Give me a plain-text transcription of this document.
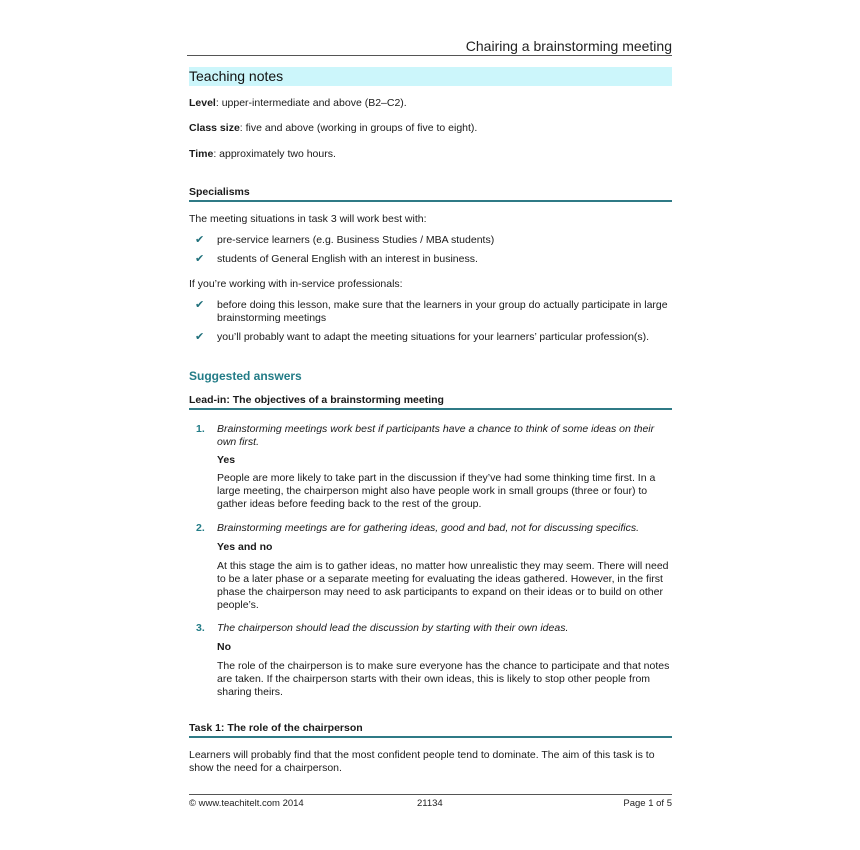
Chairing a brainstorming meeting
Teaching notes
Level: upper-intermediate and above (B2–C2).
Class size: five and above (working in groups of five to eight).
Time: approximately two hours.
Specialisms
The meeting situations in task 3 will work best with:
✔ pre-service learners (e.g. Business Studies / MBA students)
✔ students of General English with an interest in business.
If you’re working with in-service professionals:
✔ before doing this lesson, make sure that the learners in your group do actually participate in large brainstorming meetings
✔ you’ll probably want to adapt the meeting situations for your learners’ particular profession(s).
Suggested answers
Lead-in: The objectives of a brainstorming meeting
1. Brainstorming meetings work best if participants have a chance to think of some ideas on their own first.
Yes
People are more likely to take part in the discussion if they’ve had some thinking time first. In a large meeting, the chairperson might also have people work in small groups (three or four) to gather ideas before feeding back to the rest of the group.
2. Brainstorming meetings are for gathering ideas, good and bad, not for discussing specifics.
Yes and no
At this stage the aim is to gather ideas, no matter how unrealistic they may seem. There will need to be a later phase or a separate meeting for evaluating the ideas gathered. However, in the first phase the chairperson may need to ask participants to expand on their ideas or to build on other people’s.
3. The chairperson should lead the discussion by starting with their own ideas.
No
The role of the chairperson is to make sure everyone has the chance to participate and that notes are taken. If the chairperson starts with their own ideas, this is likely to stop other people from sharing theirs.
Task 1: The role of the chairperson
Learners will probably find that the most confident people tend to dominate. The aim of this task is to show the need for a chairperson.
© www.teachitelt.com 2014	21134	Page 1 of 5
